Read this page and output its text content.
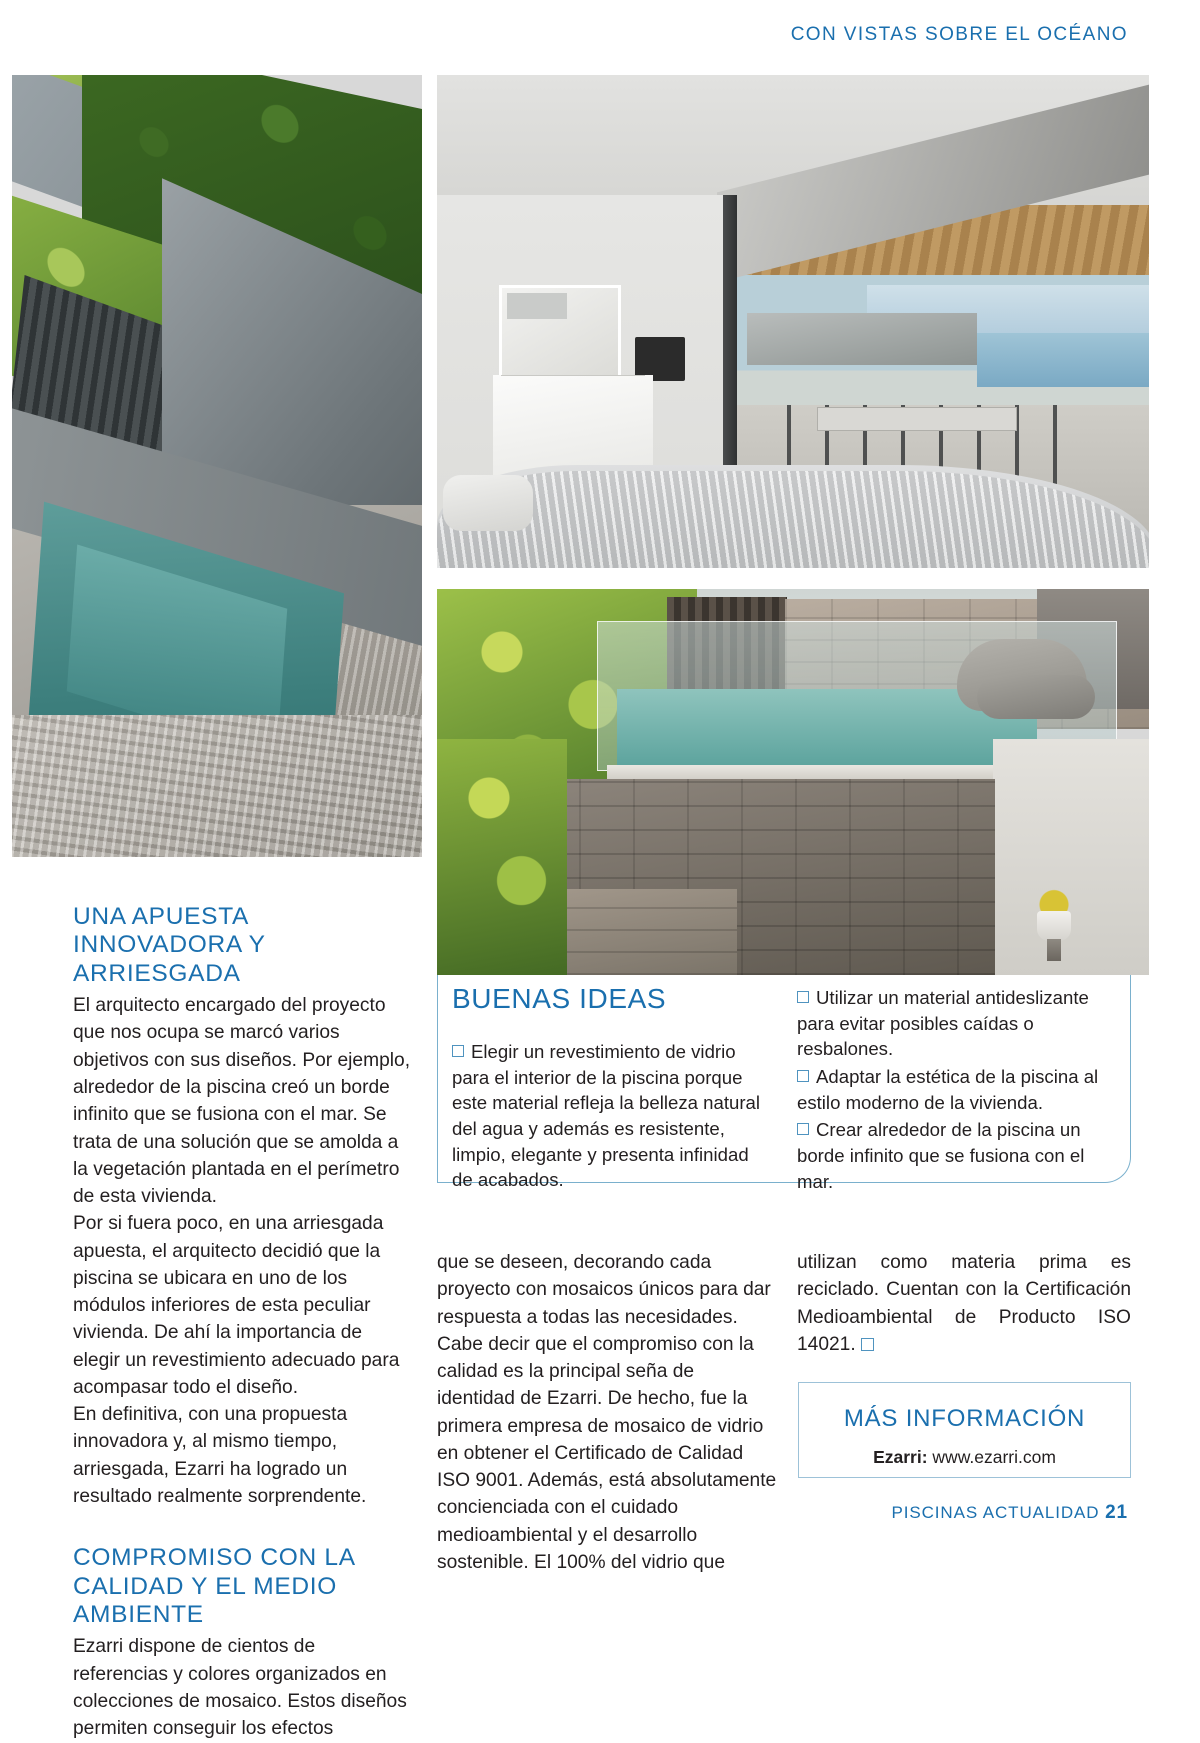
CON VISTAS SOBRE EL OCÉANO
UNA APUESTA INNOVADORA Y ARRIESGADA

El arquitecto encargado del proyecto que nos ocupa se marcó varios objetivos con sus diseños. Por ejemplo, alrededor de la piscina creó un borde infinito que se fusiona con el mar. Se trata de una solución que se amolda a la vegetación plantada en el perímetro de esta vivienda.

Por si fuera poco, en una arriesgada apuesta, el arquitecto decidió que la piscina se ubicara en uno de los módulos inferiores de esta peculiar vivienda. De ahí la importancia de elegir un revestimiento adecuado para acompasar todo el diseño.

En definitiva, con una propuesta innovadora y, al mismo tiempo, arriesgada, Ezarri ha logrado un resultado realmente sorprendente.

COMPROMISO CON LA CALIDAD Y EL MEDIO AMBIENTE

Ezarri dispone de cientos de referencias y colores organizados en colecciones de mosaico. Estos diseños permiten conseguir los efectos

BUENAS IDEAS

Elegir un revestimiento de vidrio para el interior de la piscina porque este material refleja la belleza natural del agua y además es resistente, limpio, elegante y presenta infinidad de acabados.

Utilizar un material antideslizante para evitar posibles caídas o resbalones.

Adaptar la estética de la piscina al estilo moderno de la vivienda.

Crear alrededor de la piscina un borde infinito que se fusiona con el mar.

que se deseen, decorando cada proyecto con mosaicos únicos para dar respuesta a todas las necesidades. Cabe decir que el compromiso con la calidad es la principal seña de identidad de Ezarri. De hecho, fue la primera empresa de mosaico de vidrio en obtener el Certificado de Calidad ISO 9001. Además, está absolutamente concienciada con el cuidado medioambiental y el desarrollo sostenible. El 100% del vidrio que

utilizan como materia prima es reciclado. Cuentan con la Certificación Medioambiental de Producto ISO 14021.

MÁS INFORMACIÓN
Ezarri: www.ezarri.com
PISCINAS ACTUALIDAD 21
